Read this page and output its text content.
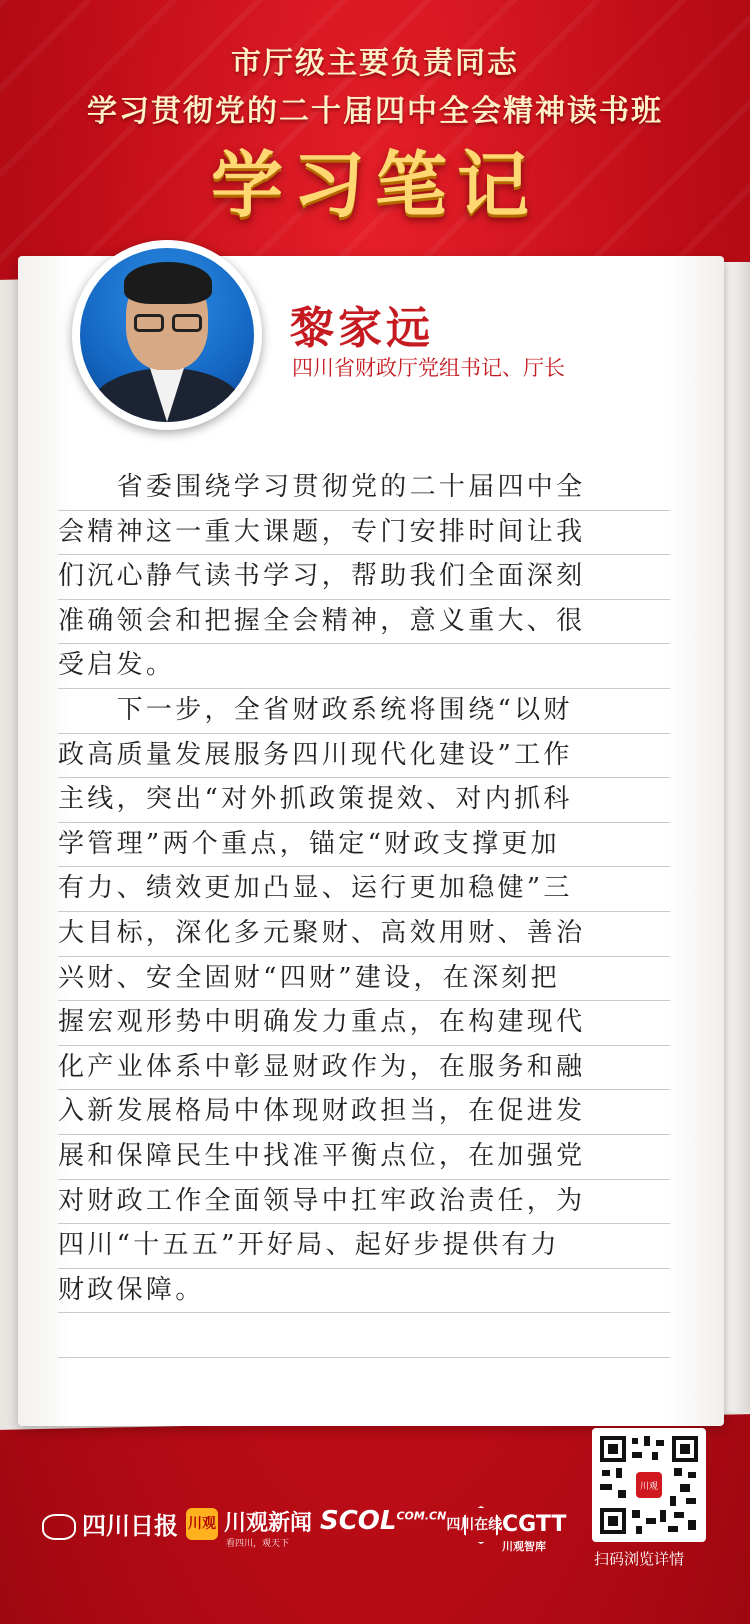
市厅级主要负责同志
学习贯彻党的二十届四中全会精神读书班
学习笔记
黎家远
四川省财政厅党组书记、厅长
　　省委围绕学习贯彻党的二十届四中全
会精神这一重大课题，专门安排时间让我
们沉心静气读书学习，帮助我们全面深刻
准确领会和把握全会精神，意义重大、很
受启发。
　　下一步，全省财政系统将围绕“以财
政高质量发展服务四川现代化建设”工作
主线，突出“对外抓政策提效、对内抓科
学管理”两个重点，锚定“财政支撑更加
有力、绩效更加凸显、运行更加稳健”三
大目标，深化多元聚财、高效用财、善治
兴财、安全固财“四财”建设，在深刻把
握宏观形势中明确发力重点，在构建现代
化产业体系中彰显财政作为，在服务和融
入新发展格局中体现财政担当，在促进发
展和保障民生中找准平衡点位，在加强党
对财政工作全面领导中扛牢政治责任，为
四川“十五五”开好局、起好步提供有力
财政保障。
四川日报 川观 川观新闻
看四川，观天下
$SCOL^{COM.CN}$四川在线 CGTT
川观智库
川观
扫码浏览详情
